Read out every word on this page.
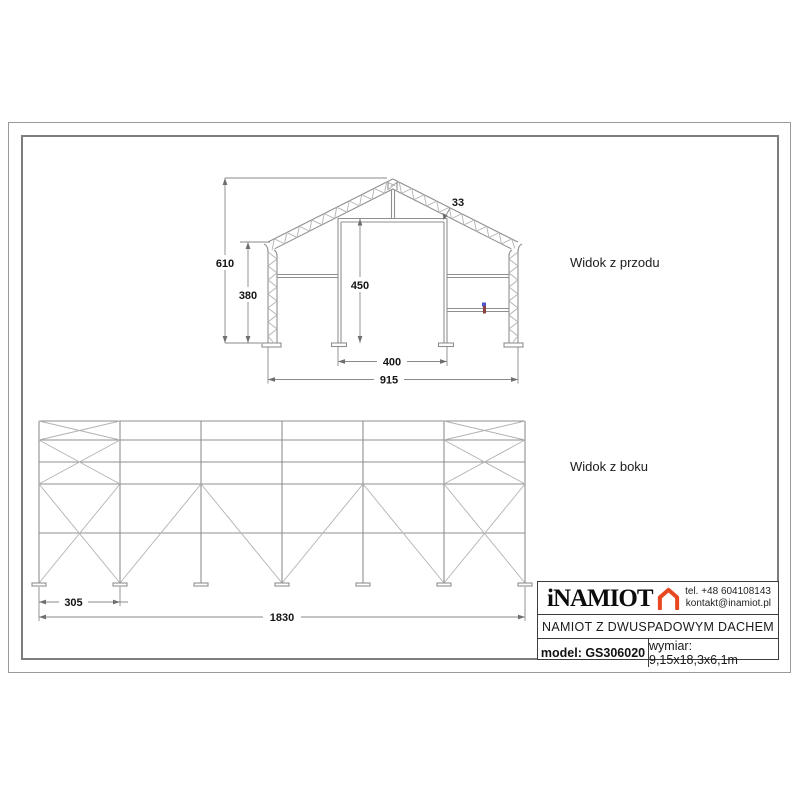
610
380
450
400
915
33
305
1830
Widok z przodu
Widok z boku
iNAMIOT	tel. +48 604108143
kontakt@inamiot.pl
NAMIOT Z DWUSPADOWYM DACHEM
model: GS306020 wymiar: 9,15x18,3x6,1m
